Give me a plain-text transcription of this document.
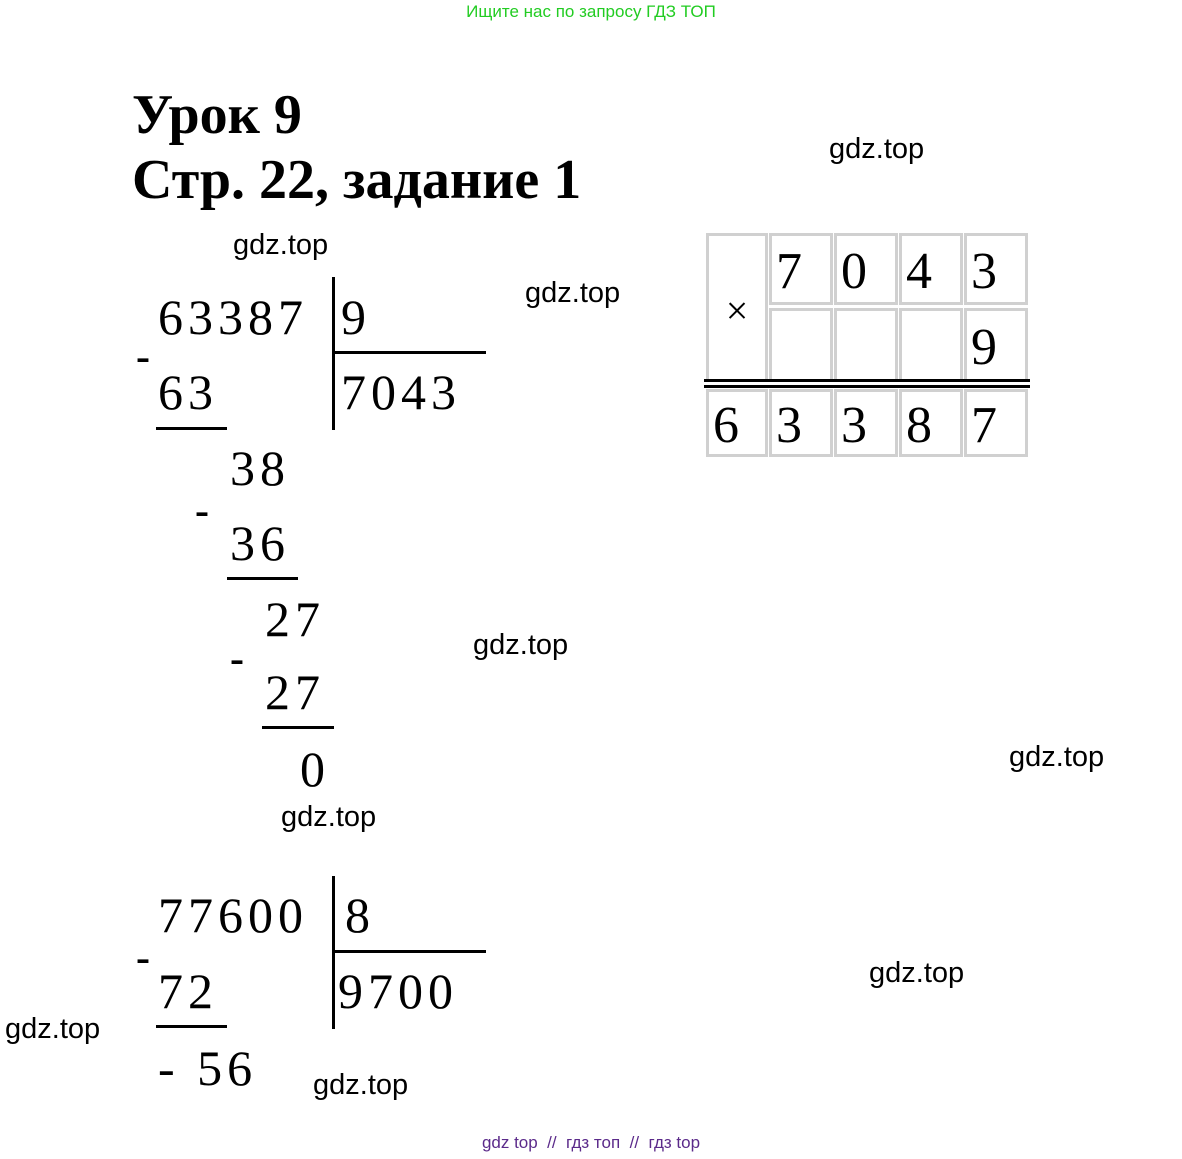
Ищите нас по запросу ГДЗ ТОП
gdz top  //  гдз топ  //  гдз top
Урок 9
Стр. 22, задание 1	gdz.top
gdz.top
gdz.top
gdz.top
gdz.top
gdz.top
gdz.top
gdz.top
gdz.top
63387 9
7043
-
63
38
-
36
27
-
27
0
77600 8
9700
-
72
- 56
×
7 0 4 3
9
6 3 3 8 7
